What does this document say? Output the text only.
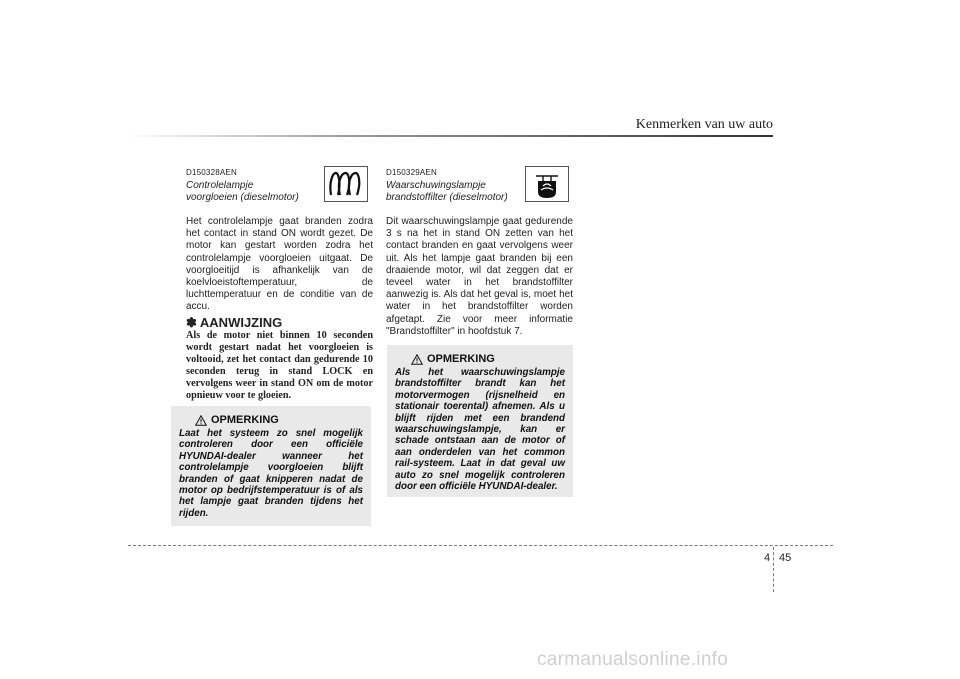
Kenmerken van uw auto
D150328AEN
Controlelampje
voorgloeien (dieselmotor)
Het controlelampje gaat branden zodra het contact in stand ON wordt gezet. De motor kan gestart worden zodra het controlelampje voorgloeien uitgaat. De voorgloeitijd is afhankelijk van de koelvloeistoftemperatuur, de luchttemperatuur en de conditie van de accu.
✽ AANWIJZING
Als de motor niet binnen 10 seconden wordt gestart nadat het voorgloeien is voltooid, zet het contact dan gedurende 10 seconden terug in stand LOCK en vervolgens weer in stand ON om de motor opnieuw voor te gloeien.
OPMERKING
Laat het systeem zo snel mogelijk controleren door een officiële HYUNDAI-dealer wanneer het controlelampje voorgloeien blijft branden of gaat knipperen nadat de motor op bedrijfstemperatuur is of als het lampje gaat branden tijdens het rijden.
D150329AEN
Waarschuwingslampje
brandstoffilter (dieselmotor)
Dit waarschuwingslampje gaat gedurende 3 s na het in stand ON zetten van het contact branden en gaat vervolgens weer uit. Als het lampje gaat branden bij een draaiende motor, wil dat zeggen dat er teveel water in het brandstoffilter aanwezig is. Als dat het geval is, moet het water in het brandstoffilter worden afgetapt. Zie voor meer informatie "Brandstoffilter" in hoofdstuk 7.
OPMERKING
Als het waarschuwingslampje brandstoffilter brandt kan het motorvermogen (rijsnelheid en stationair toerental) afnemen. Als u blijft rijden met een brandend waarschuwingslampje, kan er schade ontstaan aan de motor of aan onderdelen van het common rail-systeem. Laat in dat geval uw auto zo snel mogelijk controleren door een officiële HYUNDAI-dealer.
4 45
carmanualsonline.info
